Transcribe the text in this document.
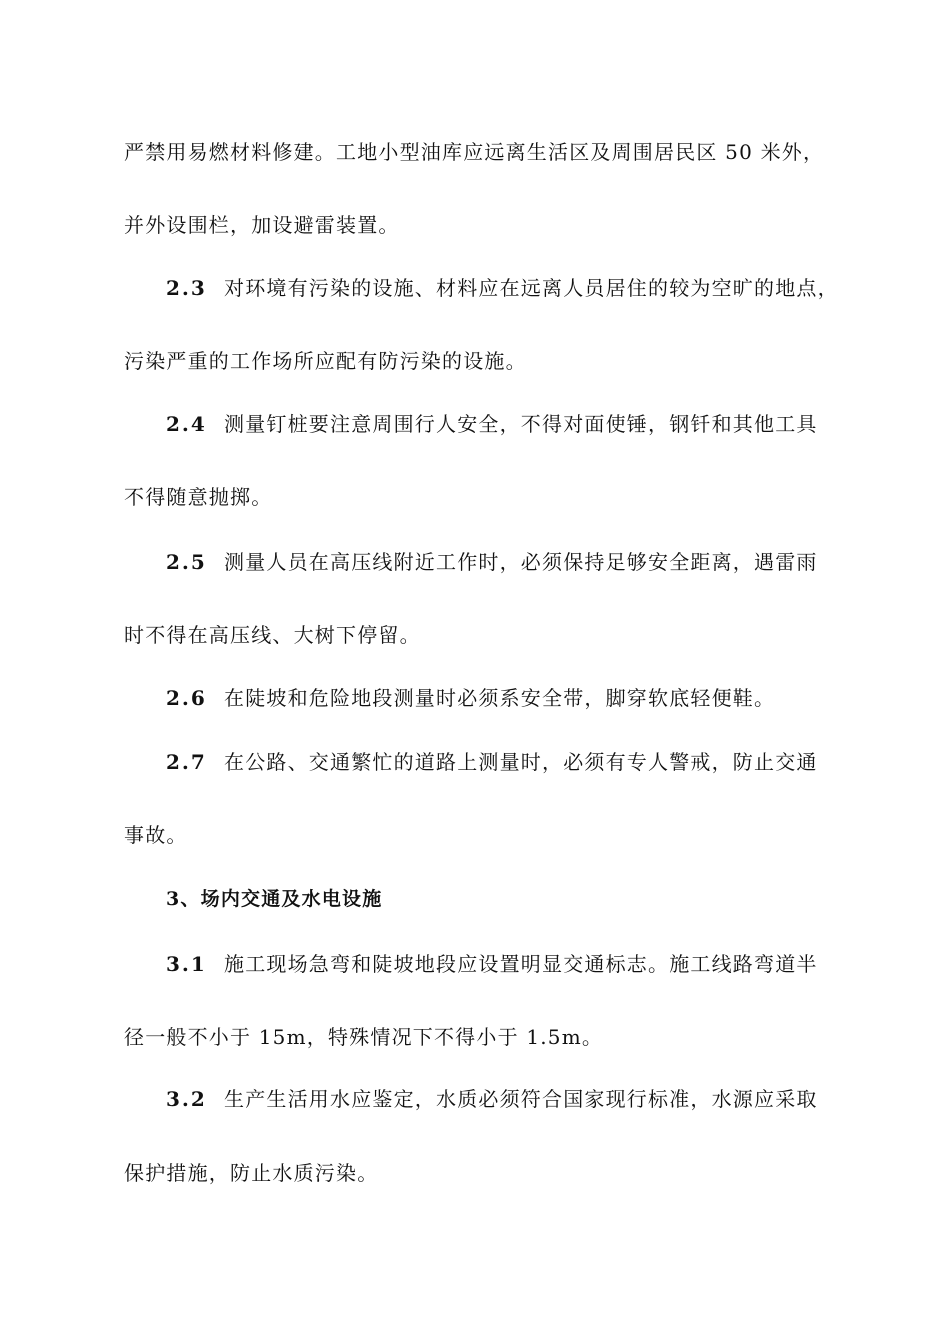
严禁用易燃材料修建。工地小型油库应远离生活区及周围居民区 50 米外，
并外设围栏，加设避雷装置。
2.3 对环境有污染的设施、材料应在远离人员居住的较为空旷的地点，
污染严重的工作场所应配有防污染的设施。
2.4 测量钉桩要注意周围行人安全，不得对面使锤，钢钎和其他工具
不得随意抛掷。
2.5 测量人员在高压线附近工作时，必须保持足够安全距离，遇雷雨
时不得在高压线、大树下停留。
2.6 在陡坡和危险地段测量时必须系安全带，脚穿软底轻便鞋。
2.7 在公路、交通繁忙的道路上测量时，必须有专人警戒，防止交通
事故。
3、场内交通及水电设施
3.1 施工现场急弯和陡坡地段应设置明显交通标志。施工线路弯道半
径一般不小于 15m，特殊情况下不得小于 1.5m。
3.2 生产生活用水应鉴定，水质必须符合国家现行标准，水源应采取
保护措施，防止水质污染。
